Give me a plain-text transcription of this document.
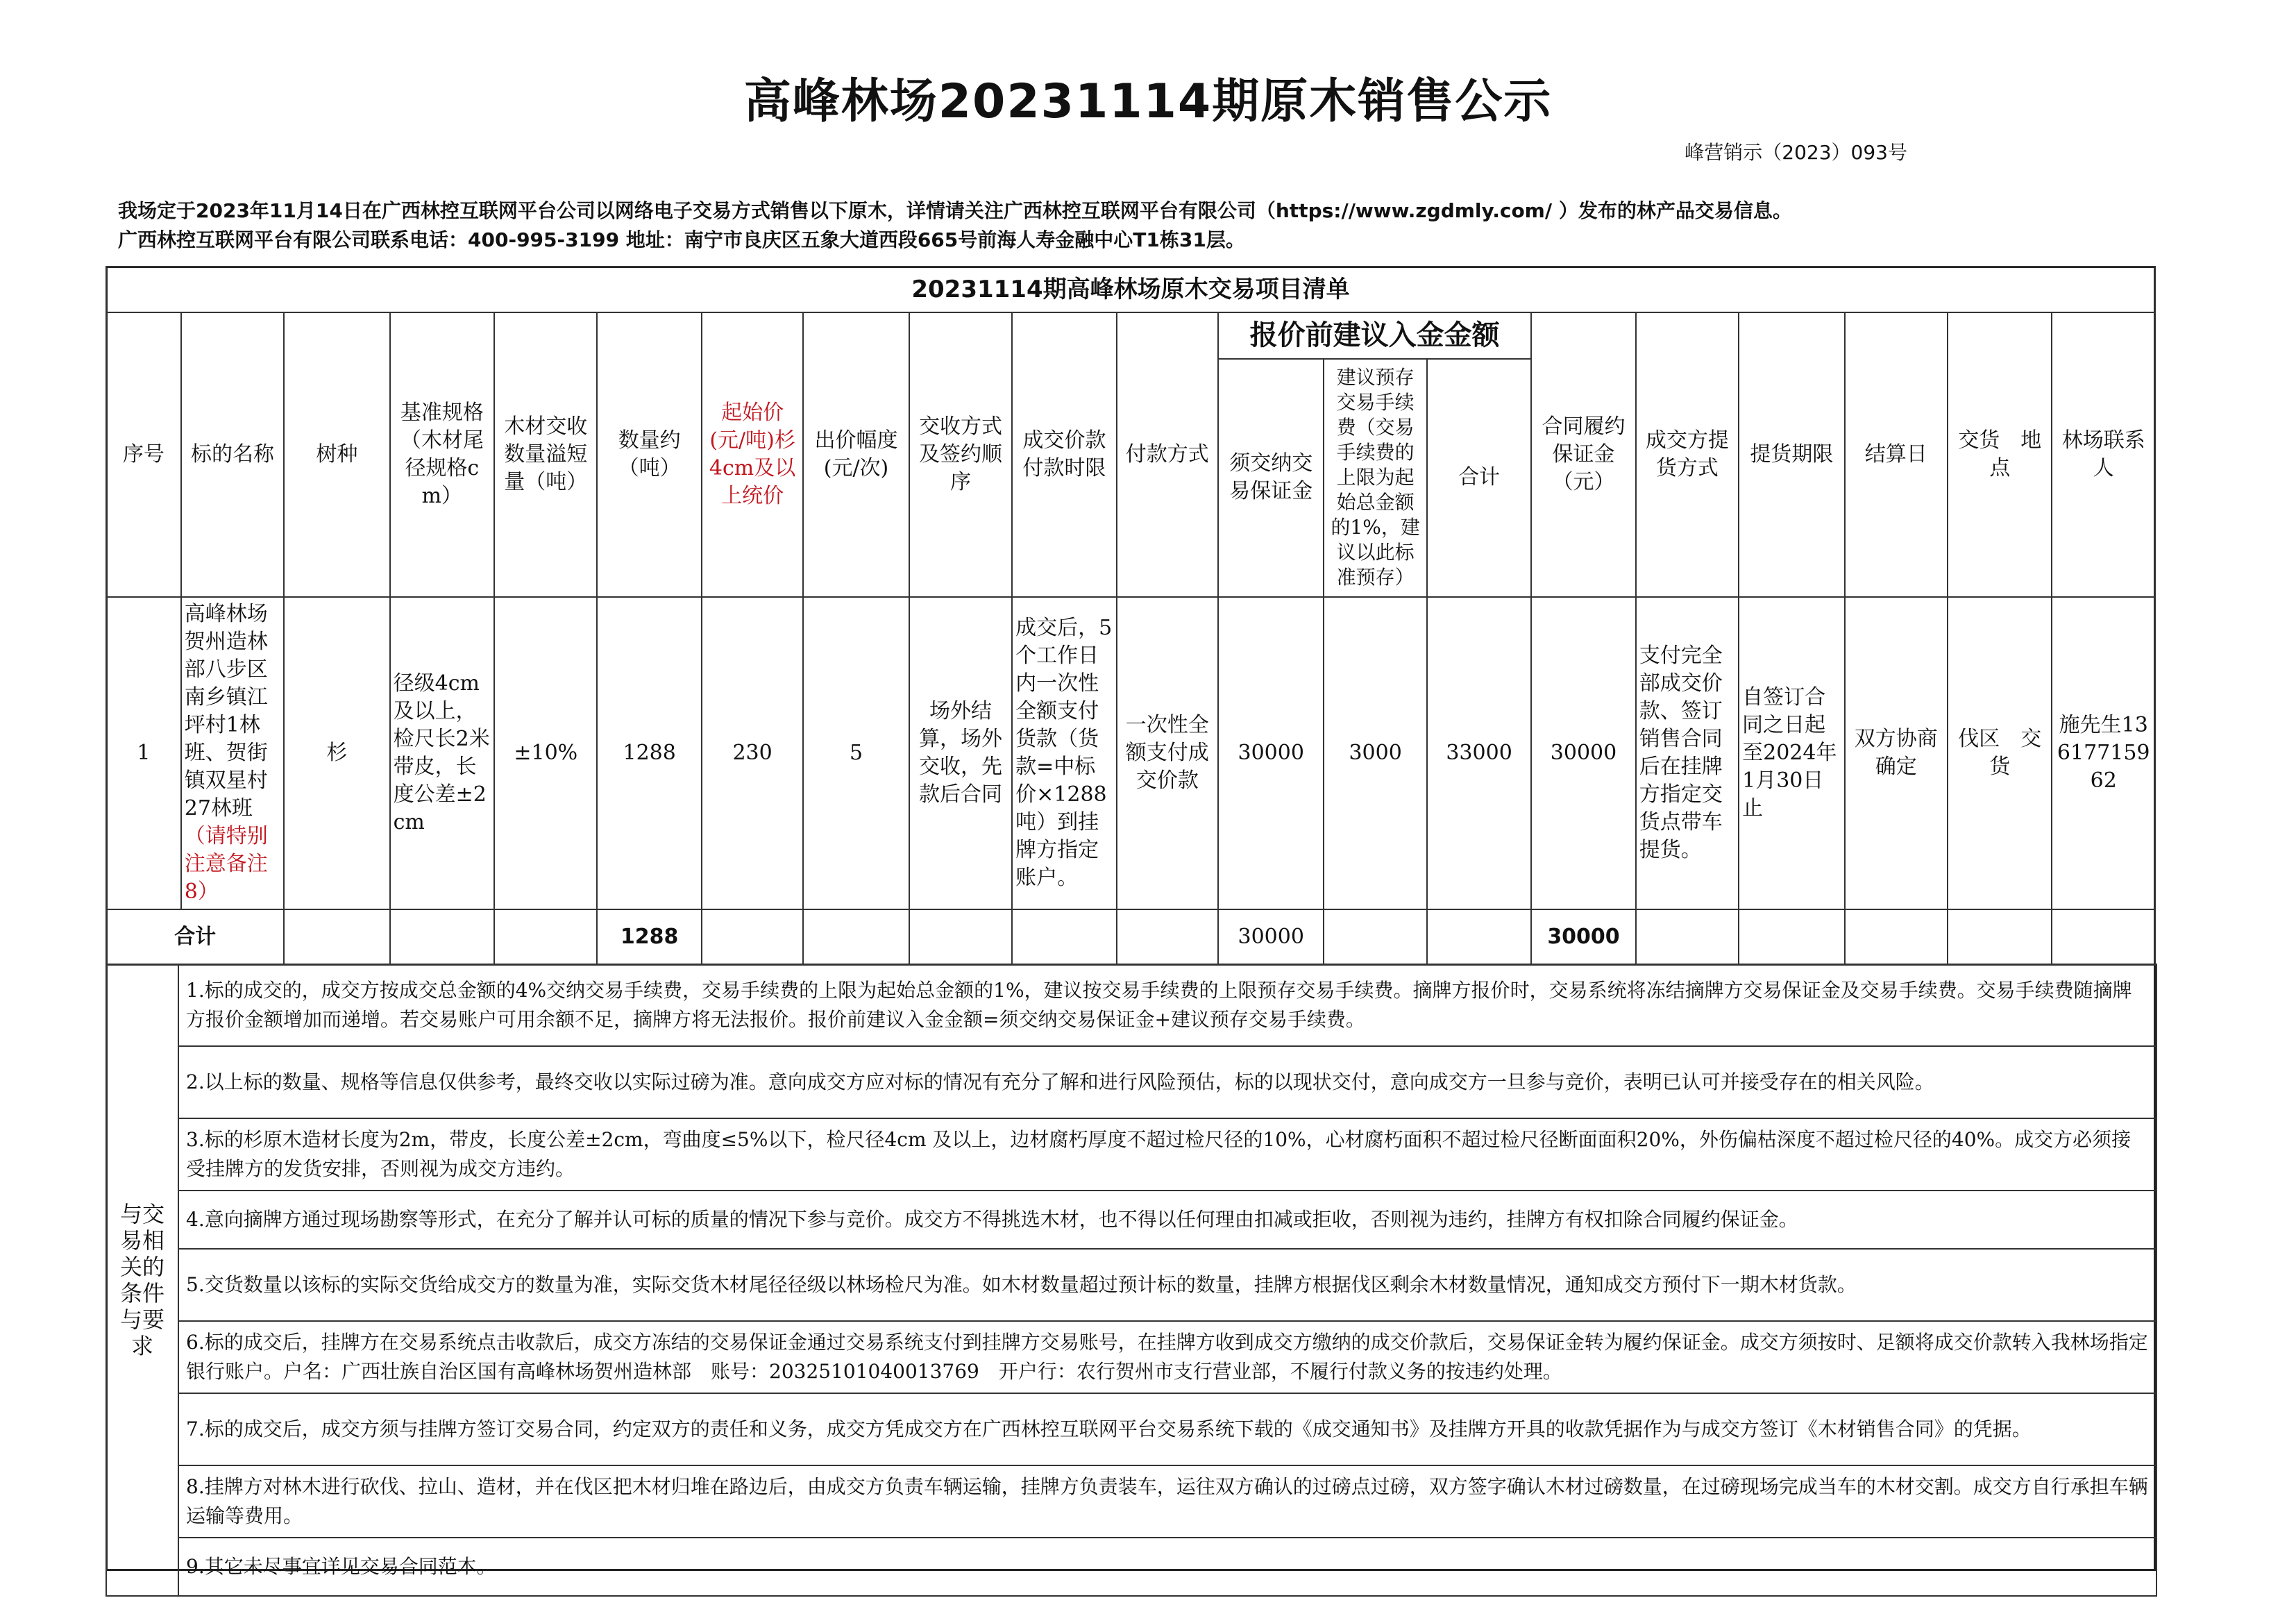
高峰林场20231114期原木销售公示
峰营销示（2023）093号
我场定于2023年11月14日在广西林控互联网平台公司以网络电子交易方式销售以下原木，详情请关注广西林控互联网平台有限公司（https://www.zgdmly.com/ ）发布的林产品交易信息。
广西林控互联网平台有限公司联系电话：400-995-3199 地址：南宁市良庆区五象大道西段665号前海人寿金融中心T1栋31层。
20231114期高峰林场原木交易项目清单																			
序号	标的名称	树种	基准规格（木材尾径规格cm）	木材交收数量溢短量（吨）	数量约（吨）	起始价(元/吨)杉4cm及以上统价	出价幅度(元/次)	交收方式及签约顺序	成交价款付款时限	付款方式	报价前建议入金金额			合同履约保证金（元）	成交方提货方式	提货期限	结算日	交货　地点	林场联系人
											须交纳交易保证金	建议预存交易手续费（交易手续费的上限为起始总金额的1%，建议以此标准预存）	合计						
1	高峰林场贺州造林部八步区南乡镇江坪村1林班、贺街镇双星村27林班（请特别注意备注8）	杉	径级4cm及以上，检尺长2米带皮，长度公差±2cm	±10%	1288	230	5	场外结算，场外交收，先款后合同	成交后，5个工作日内一次性全额支付货款（货款=中标价×1288吨）到挂牌方指定账户。	一次性全额支付成交价款	30000	3000	33000	30000	支付完全部成交价款、签订销售合同后在挂牌方指定交货点带车提货。	自签订合同之日起至2024年1月30日止	双方协商确定	伐区　交货	施先生13617715962
合计					1288						30000			30000					
与交易相关的条件与要求	1.标的成交的，成交方按成交总金额的4%交纳交易手续费，交易手续费的上限为起始总金额的1%，建议按交易手续费的上限预存交易手续费。摘牌方报价时，交易系统将冻结摘牌方交易保证金及交易手续费。交易手续费随摘牌方报价金额增加而递增。若交易账户可用余额不足，摘牌方将无法报价。报价前建议入金金额=须交纳交易保证金+建议预存交易手续费。
2.以上标的数量、规格等信息仅供参考，最终交收以实际过磅为准。意向成交方应对标的情况有充分了解和进行风险预估，标的以现状交付，意向成交方一旦参与竞价，表明已认可并接受存在的相关风险。
3.标的杉原木造材长度为2m，带皮，长度公差±2cm，弯曲度≤5%以下，检尺径4cm 及以上，边材腐朽厚度不超过检尺径的10%，心材腐朽面积不超过检尺径断面面积20%，外伤偏枯深度不超过检尺径的40%。成交方必须接受挂牌方的发货安排，否则视为成交方违约。
4.意向摘牌方通过现场勘察等形式，在充分了解并认可标的质量的情况下参与竞价。成交方不得挑选木材，也不得以任何理由扣减或拒收，否则视为违约，挂牌方有权扣除合同履约保证金。
5.交货数量以该标的实际交货给成交方的数量为准，实际交货木材尾径径级以林场检尺为准。如木材数量超过预计标的数量，挂牌方根据伐区剩余木材数量情况，通知成交方预付下一期木材货款。
6.标的成交后，挂牌方在交易系统点击收款后，成交方冻结的交易保证金通过交易系统支付到挂牌方交易账号，在挂牌方收到成交方缴纳的成交价款后，交易保证金转为履约保证金。成交方须按时、足额将成交价款转入我林场指定银行账户。户名：广西壮族自治区国有高峰林场贺州造林部　账号：20325101040013769　开户行：农行贺州市支行营业部，不履行付款义务的按违约处理。
7.标的成交后，成交方须与挂牌方签订交易合同，约定双方的责任和义务，成交方凭成交方在广西林控互联网平台交易系统下载的《成交通知书》及挂牌方开具的收款凭据作为与成交方签订《木材销售合同》的凭据。
8.挂牌方对林木进行砍伐、拉山、造材，并在伐区把木材归堆在路边后，由成交方负责车辆运输，挂牌方负责装车，运往双方确认的过磅点过磅，双方签字确认木材过磅数量，在过磅现场完成当车的木材交割。成交方自行承担车辆运输等费用。
9.其它未尽事宜详见交易合同范本。
